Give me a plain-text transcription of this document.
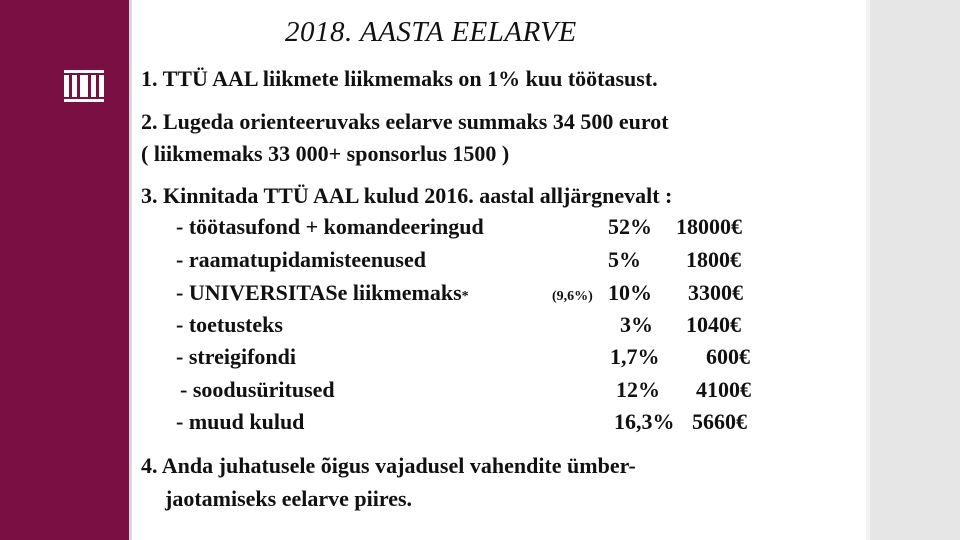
2018. AASTA EELARVE
1. TTÜ AAL liikmete liikmemaks on 1% kuu töötasust.
2. Lugeda orienteeruvaks eelarve summaks 34 500 eurot
( liikmemaks 33 000+ sponsorlus 1500 )
3. Kinnitada TTÜ AAL kulud 2016. aastal alljärgnevalt :
- töötasufond + komandeeringud	52% 18000€
- raamatupidamisteenused	5% 1800€
- UNIVERSITASe liikmemaks*	(9,6%) 10% 3300€
- toetusteks	3% 1040€
- streigifondi	1,7% 600€
- soodusüritused	12% 4100€
- muud kulud	16,3% 5660€
4. Anda juhatusele õigus vajadusel vahendite ümber-
jaotamiseks eelarve piires.
